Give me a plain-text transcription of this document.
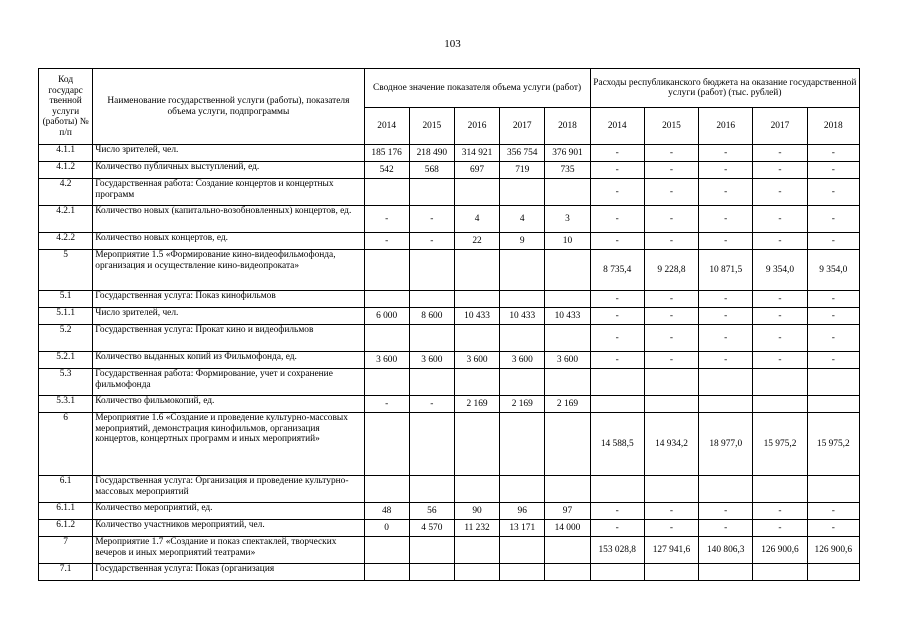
103
Код государс твенной услуги (работы) № п/п	Наименование государственной услуги (работы), показателя объема услуги, подпрограммы	Сводное значение показателя объема услуги (работ)					Расходы республиканского бюджета на оказание государственной услуги (работ) (тыс. рублей)				
		2014	2015	2016	2017	2018	2014	2015	2016	2017	2018
4.1.1	Число зрителей, чел.	185 176	218 490	314 921	356 754	376 901	-	-	-	-	-
4.1.2	Количество публичных выступлений, ед.	542	568	697	719	735	-	-	-	-	-
4.2	Государственная работа: Создание концертов и концертных программ						-	-	-	-	-
4.2.1	Количество новых (капитально-возобновленных) концертов, ед.	-	-	4	4	3	-	-	-	-	-
4.2.2	Количество новых концертов, ед.	-	-	22	9	10	-	-	-	-	-
5	Мероприятие 1.5 «Формирование кино-видеофильмофонда, организация и осуществление кино-видеопроката»						8 735,4	9 228,8	10 871,5	9 354,0	9 354,0
5.1	Государственная услуга: Показ кинофильмов						-	-	-	-	-
5.1.1	Число зрителей, чел.	6 000	8 600	10 433	10 433	10 433	-	-	-	-	-
5.2	Государственная услуга: Прокат кино и видеофильмов						-	-	-	-	-
5.2.1	Количество выданных копий из Фильмофонда, ед.	3 600	3 600	3 600	3 600	3 600	-	-	-	-	-
5.3	Государственная работа: Формирование, учет и сохранение фильмофонда										
5.3.1	Количество фильмокопий, ед.	-	-	2 169	2 169	2 169					
6	Мероприятие 1.6 «Создание и проведение культурно-массовых мероприятий, демонстрация кинофильмов, организация концертов, концертных программ и иных мероприятий»						14 588,5	14 934,2	18 977,0	15 975,2	15 975,2
6.1	Государственная услуга: Организация и проведение культурно-массовых мероприятий										
6.1.1	Количество мероприятий, ед.	48	56	90	96	97	-	-	-	-	-
6.1.2	Количество участников мероприятий, чел.	0	4 570	11 232	13 171	14 000	-	-	-	-	-
7	Мероприятие 1.7 «Создание и показ спектаклей, творческих вечеров и иных мероприятий театрами»						153 028,8	127 941,6	140 806,3	126 900,6	126 900,6
7.1	Государственная услуга: Показ (организация										
